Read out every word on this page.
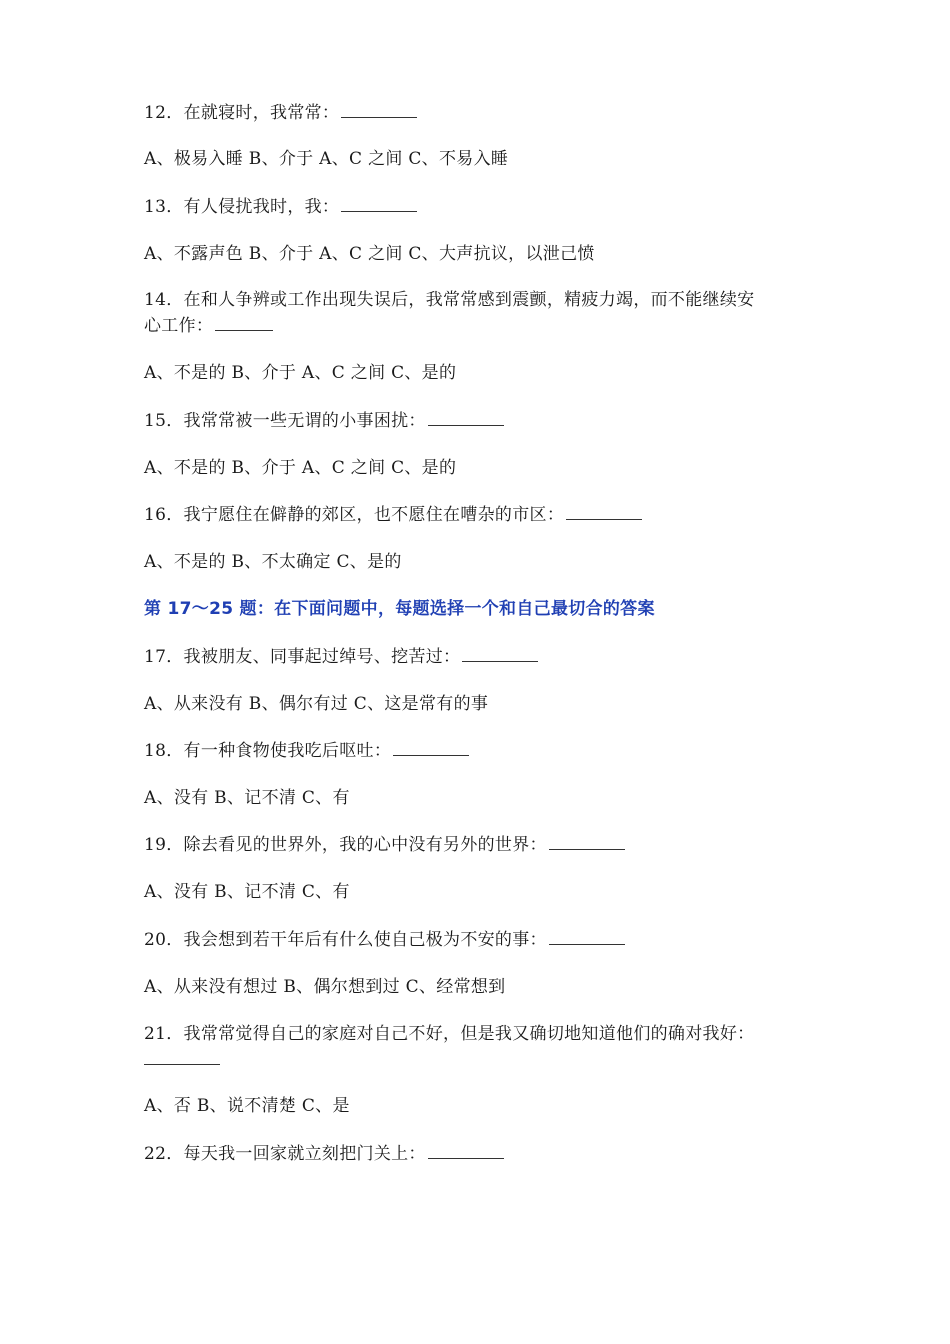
12．在就寝时，我常常：
A、极易入睡 B、介于 A、C 之间 C、不易入睡
13．有人侵扰我时，我：
A、不露声色 B、介于 A、C 之间 C、大声抗议，以泄己愤
14．在和人争辨或工作出现失误后，我常常感到震颤，精疲力竭，而不能继续安
心工作：
A、不是的 B、介于 A、C 之间 C、是的
15．我常常被一些无谓的小事困扰：
A、不是的 B、介于 A、C 之间 C、是的
16．我宁愿住在僻静的郊区，也不愿住在嘈杂的市区：
A、不是的 B、不太确定 C、是的
第 17～25 题：在下面问题中，每题选择一个和自己最切合的答案
17．我被朋友、同事起过绰号、挖苦过：
A、从来没有 B、偶尔有过 C、这是常有的事
18．有一种食物使我吃后呕吐：
A、没有 B、记不清 C、有
19．除去看见的世界外，我的心中没有另外的世界：
A、没有 B、记不清 C、有
20．我会想到若干年后有什么使自己极为不安的事：
A、从来没有想过 B、偶尔想到过 C、经常想到
21．我常常觉得自己的家庭对自己不好，但是我又确切地知道他们的确对我好：
A、否 B、说不清楚 C、是
22．每天我一回家就立刻把门关上：
